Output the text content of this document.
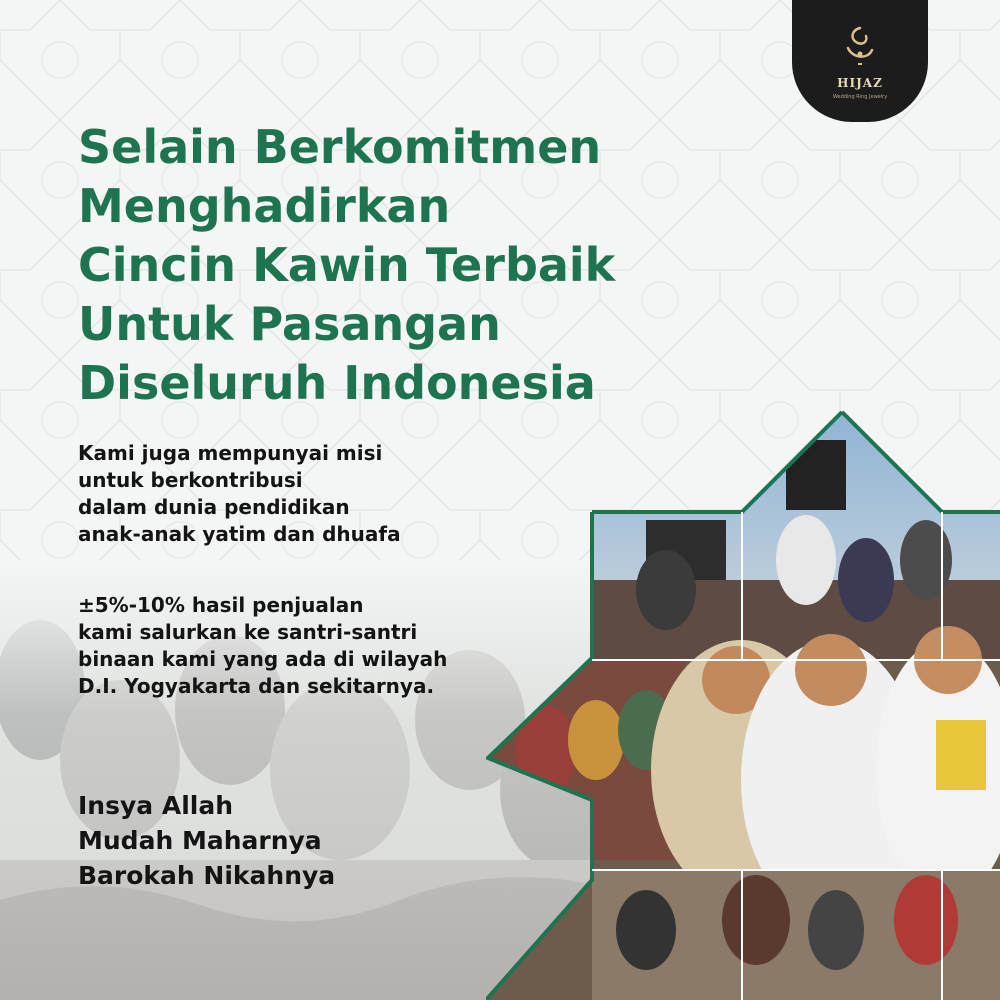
HIJAZ
Wedding Ring Jewelry
Selain Berkomitmen
Menghadirkan
Cincin Kawin Terbaik
Untuk Pasangan
Diseluruh Indonesia

Kami juga mempunyai misi
untuk berkontribusi
dalam dunia pendidikan
anak-anak yatim dan dhuafa

±5%-10% hasil penjualan
kami salurkan ke santri-santri
binaan kami yang ada di wilayah
D.I. Yogyakarta dan sekitarnya.

Insya Allah
Mudah Maharnya
Barokah Nikahnya
